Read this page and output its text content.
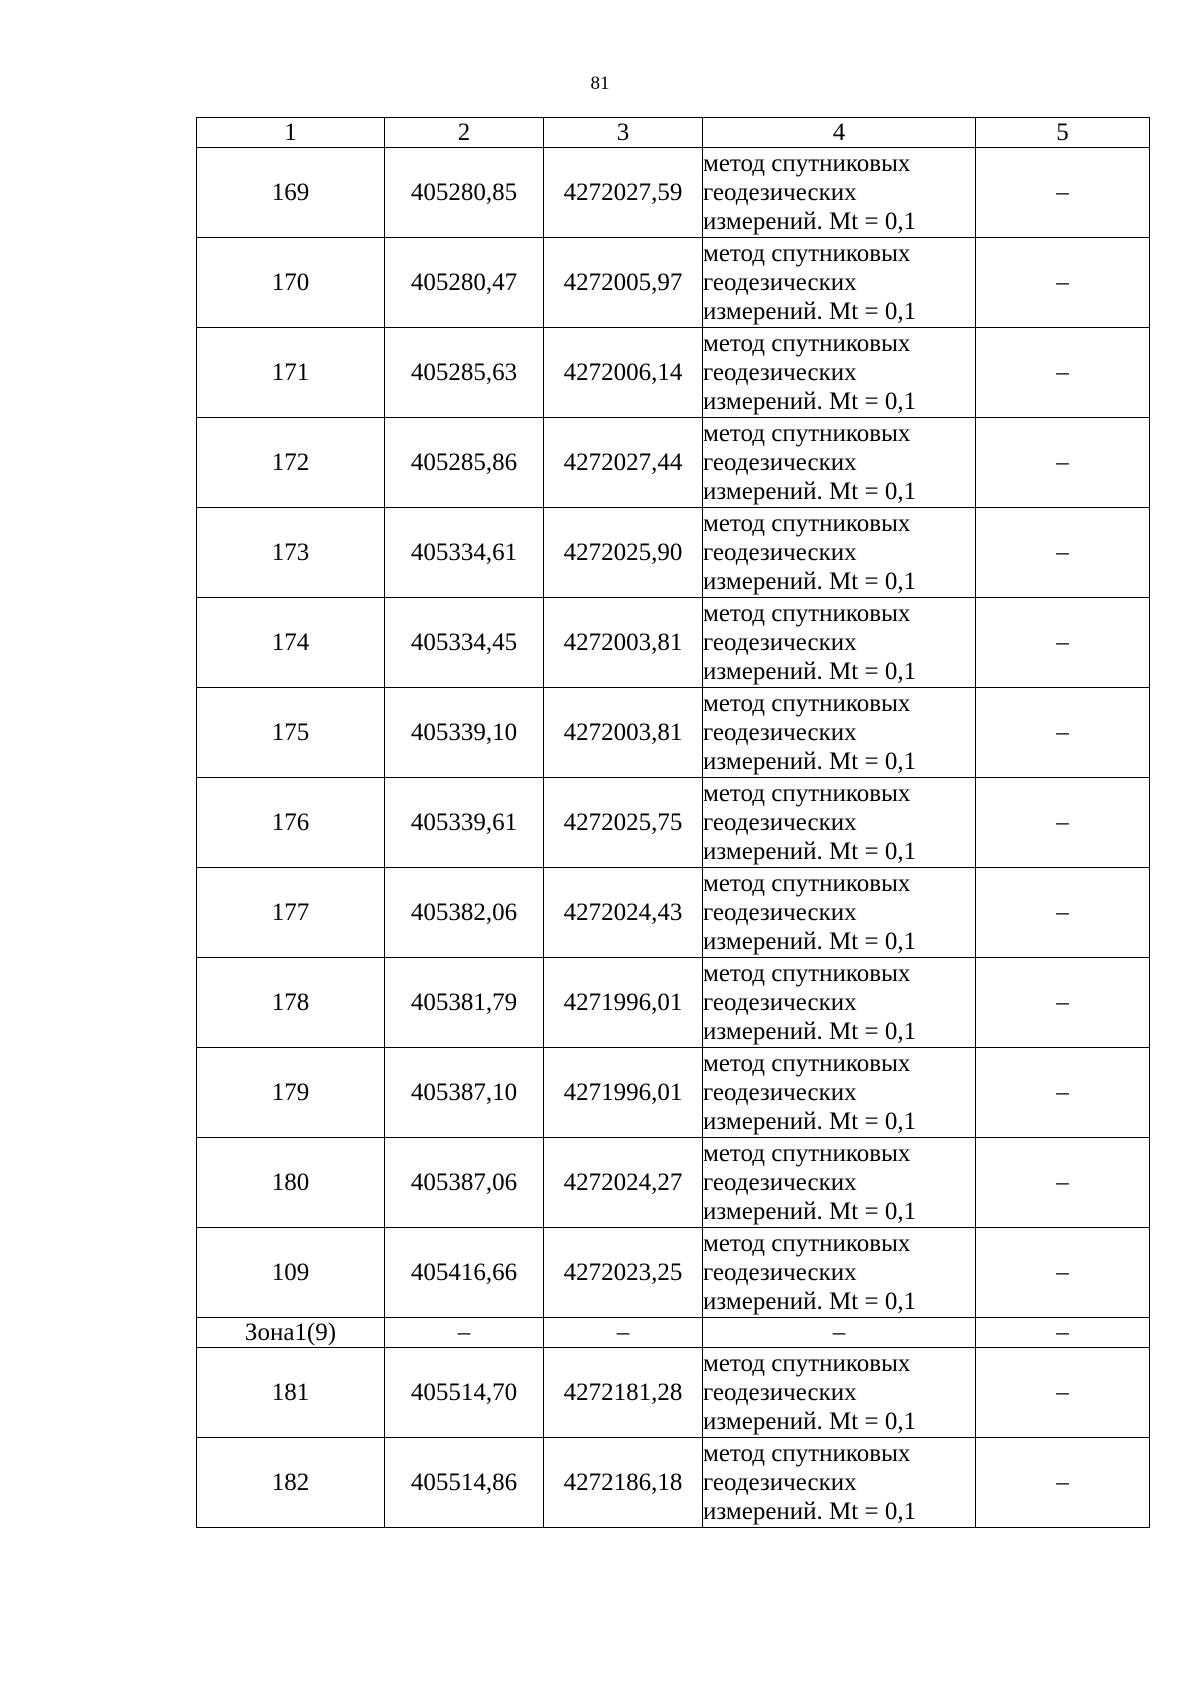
81
1	2	3	4	5
169	405280,85	4272027,59	метод спутниковых
геодезических
измерений. Mt = 0,1	–
170	405280,47	4272005,97	метод спутниковых
геодезических
измерений. Mt = 0,1	–
171	405285,63	4272006,14	метод спутниковых
геодезических
измерений. Mt = 0,1	–
172	405285,86	4272027,44	метод спутниковых
геодезических
измерений. Mt = 0,1	–
173	405334,61	4272025,90	метод спутниковых
геодезических
измерений. Mt = 0,1	–
174	405334,45	4272003,81	метод спутниковых
геодезических
измерений. Mt = 0,1	–
175	405339,10	4272003,81	метод спутниковых
геодезических
измерений. Mt = 0,1	–
176	405339,61	4272025,75	метод спутниковых
геодезических
измерений. Mt = 0,1	–
177	405382,06	4272024,43	метод спутниковых
геодезических
измерений. Mt = 0,1	–
178	405381,79	4271996,01	метод спутниковых
геодезических
измерений. Mt = 0,1	–
179	405387,10	4271996,01	метод спутниковых
геодезических
измерений. Mt = 0,1	–
180	405387,06	4272024,27	метод спутниковых
геодезических
измерений. Mt = 0,1	–
109	405416,66	4272023,25	метод спутниковых
геодезических
измерений. Mt = 0,1	–
Зона1(9)	–	–	–	–
181	405514,70	4272181,28	метод спутниковых
геодезических
измерений. Mt = 0,1	–
182	405514,86	4272186,18	метод спутниковых
геодезических
измерений. Mt = 0,1	–
